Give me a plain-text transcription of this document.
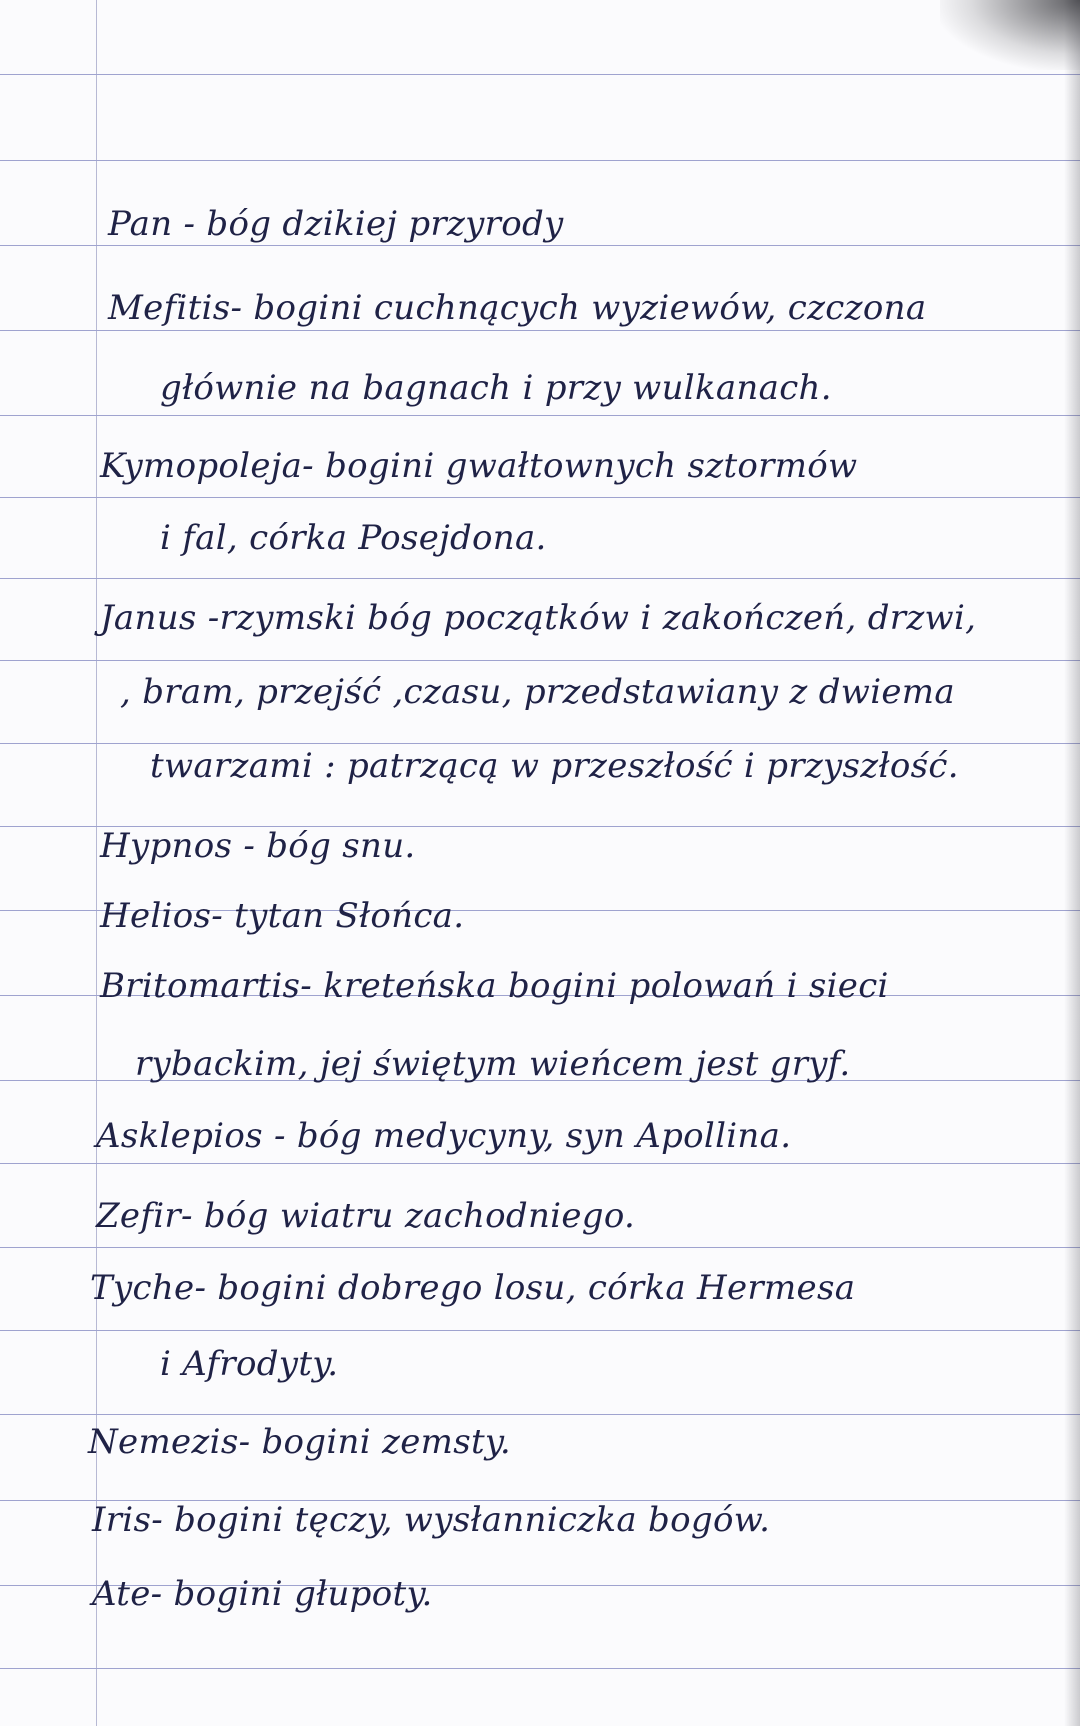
Pan - bóg dzikiej przyrody
Mefitis- bogini cuchnących wyziewów, czczona
głównie na bagnach i przy wulkanach.
Kymopoleja- bogini gwałtownych sztormów
i fal, córka Posejdona.
Janus -rzymski bóg początków i zakończeń, drzwi,
, bram, przejść ,czasu, przedstawiany z dwiema
twarzami : patrzącą w przeszłość i przyszłość.
Hypnos - bóg snu.
Helios- tytan Słońca.
Britomartis- kreteńska bogini polowań i sieci
rybackim, jej świętym wieńcem jest gryf.
Asklepios - bóg medycyny, syn Apollina.
Zefir- bóg wiatru zachodniego.
Tyche- bogini dobrego losu, córka Hermesa
i Afrodyty.
Nemezis- bogini zemsty.
Iris- bogini tęczy, wysłanniczka bogów.
Ate- bogini głupoty.
